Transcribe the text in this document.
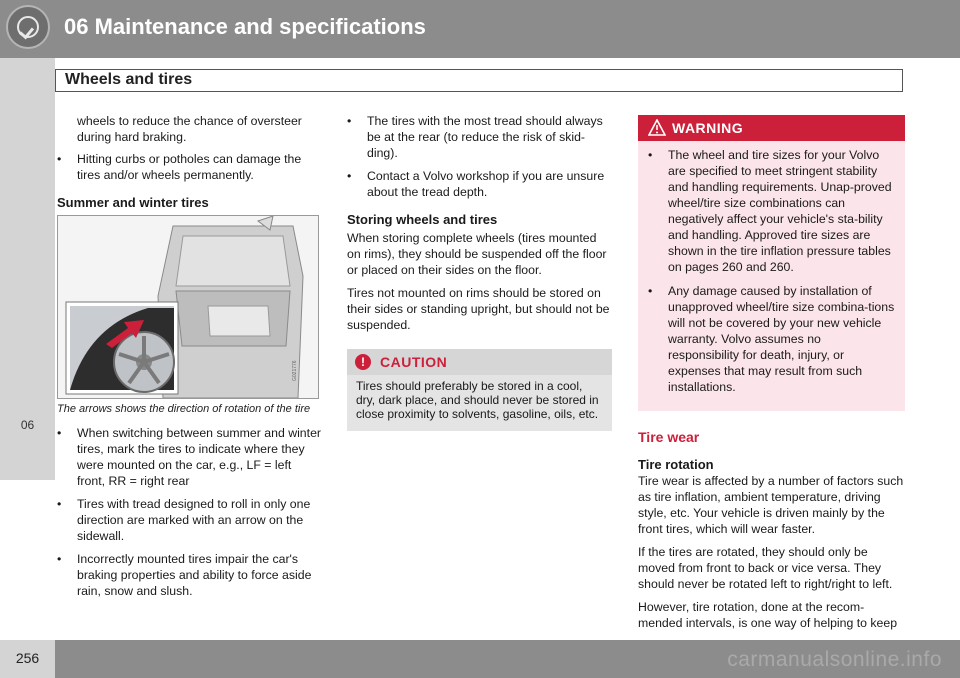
06 Maintenance and specifications
Wheels and tires
06
wheels to reduce the chance of oversteer during hard braking.
• Hitting curbs or potholes can damage the tires and/or wheels permanently.
Summer and winter tires
G021776
The arrows shows the direction of rotation of the tire
• When switching between summer and winter tires, mark the tires to indicate where they were mounted on the car, e.g., LF = left front, RR = right rear
• Tires with tread designed to roll in only one direction are marked with an arrow on the sidewall.
• Incorrectly mounted tires impair the car's braking properties and ability to force aside rain, snow and slush.
• The tires with the most tread should always be at the rear (to reduce the risk of skid-ding).
• Contact a Volvo workshop if you are unsure about the tread depth.
Storing wheels and tires

When storing complete wheels (tires mounted on rims), they should be suspended off the floor or placed on their sides on the floor.

Tires not mounted on rims should be stored on their sides or standing upright, but should not be suspended.

!	CAUTION
Tires should preferably be stored in a cool, dry, dark place, and should never be stored in close proximity to solvents, gasoline, oils, etc.
WARNING
• The wheel and tire sizes for your Volvo are specified to meet stringent stability and handling requirements. Unap-proved wheel/tire size combinations can negatively affect your vehicle's sta-bility and handling. Approved tire sizes are shown in the tire inflation pressure tables on pages 260 and 260.
• Any damage caused by installation of unapproved wheel/tire size combina-tions will not be covered by your new vehicle warranty. Volvo assumes no responsibility for death, injury, or expenses that may result from such installations.
Tire wear
Tire rotation

Tire wear is affected by a number of factors such as tire inflation, ambient temperature, driving style, etc. Your vehicle is driven mainly by the front tires, which will wear faster.

If the tires are rotated, they should only be moved from front to back or vice versa. They should never be rotated left to right/right to left.

However, tire rotation, done at the recom-mended intervals, is one way of helping to keep

256	carmanualsonline.info
